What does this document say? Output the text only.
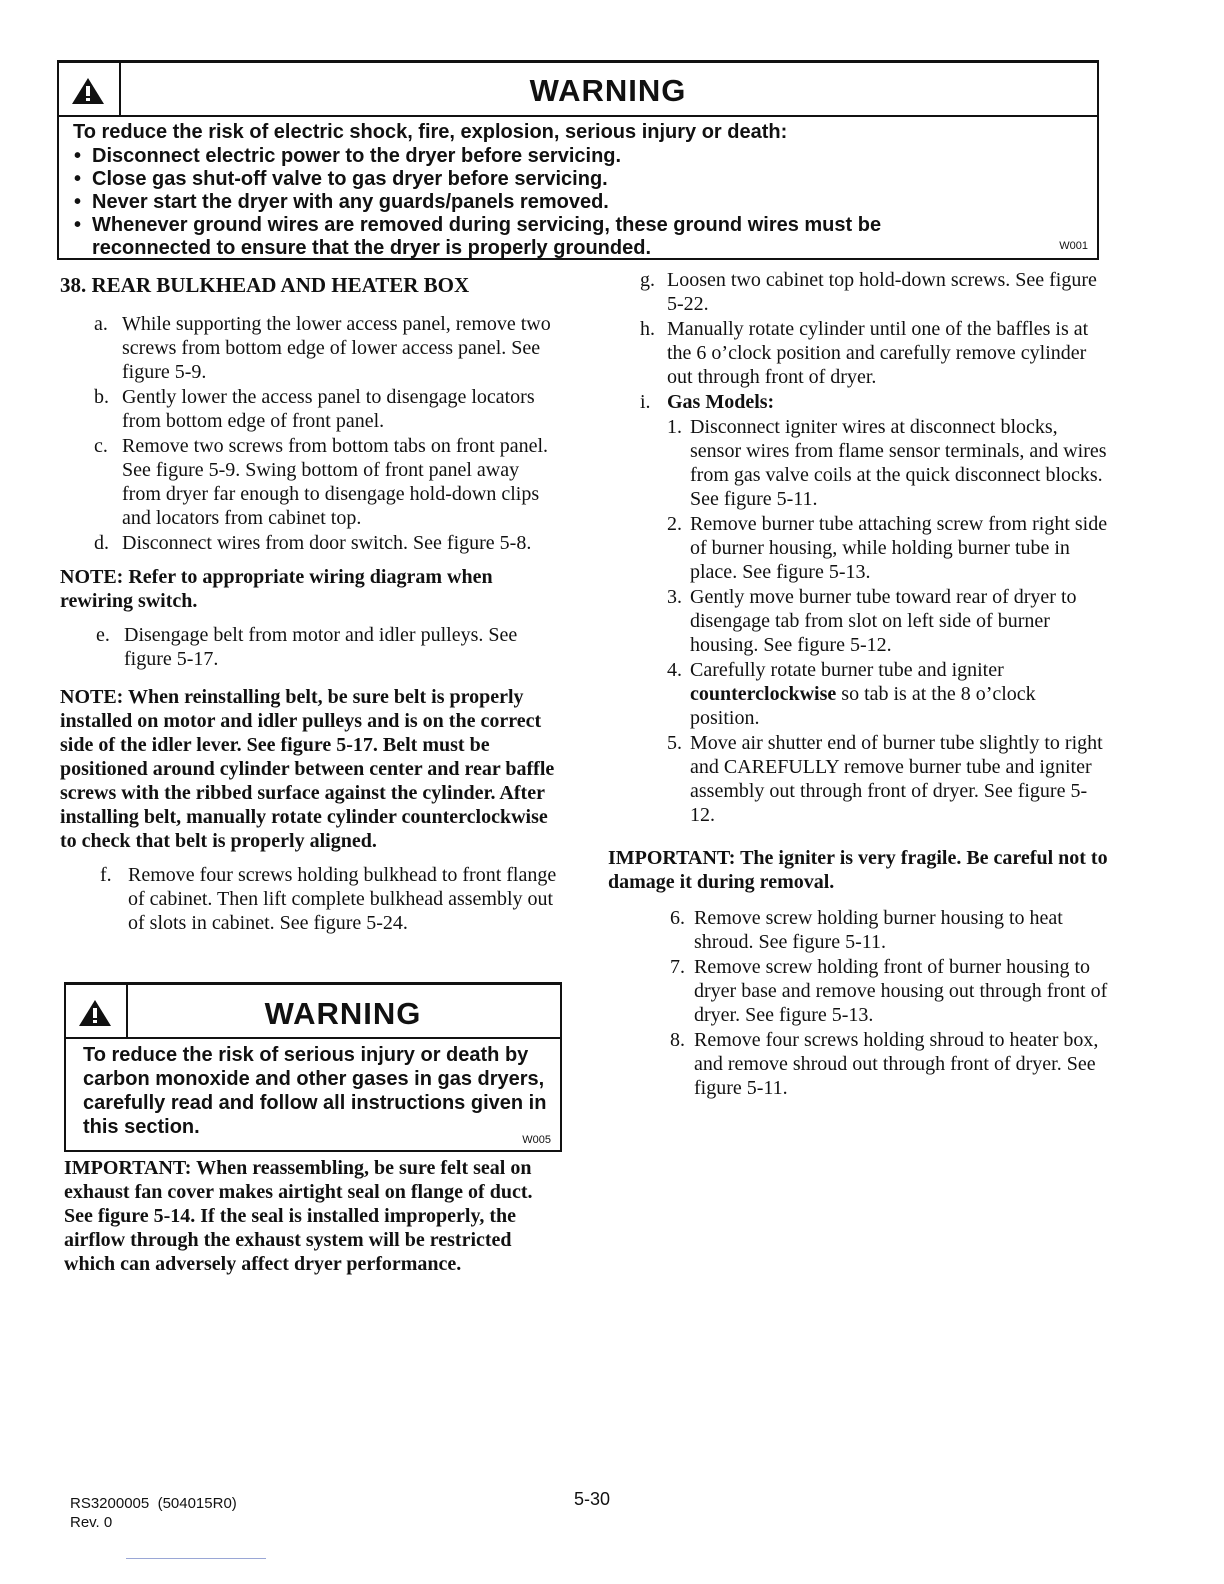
WARNING
To reduce the risk of electric shock, fire, explosion, serious injury or death:
• Disconnect electric power to the dryer before servicing.
• Close gas shut-off valve to gas dryer before servicing.
• Never start the dryer with any guards/panels removed.
• Whenever ground wires are removed during servicing, these ground wires must be reconnected to ensure that the dryer is properly grounded.	W001
38. REAR BULKHEAD AND HEATER BOX
a. While supporting the lower access panel, remove two screws from bottom edge of lower access panel. See figure 5-9.
b. Gently lower the access panel to disengage locators from bottom edge of front panel.
c. Remove two screws from bottom tabs on front panel. See figure 5-9. Swing bottom of front panel away from dryer far enough to disengage hold-down clips and locators from cabinet top.
d. Disconnect wires from door switch. See figure 5-8.
NOTE: Refer to appropriate wiring diagram when rewiring switch.
e. Disengage belt from motor and idler pulleys. See figure 5-17.
NOTE: When reinstalling belt, be sure belt is properly installed on motor and idler pulleys and is on the correct side of the idler lever. See figure 5-17. Belt must be positioned around cylinder between center and rear baffle screws with the ribbed surface against the cylinder. After installing belt, manually rotate cylinder counterclockwise to check that belt is properly aligned.
f. Remove four screws holding bulkhead to front flange of cabinet. Then lift complete bulkhead assembly out of slots in cabinet. See figure 5-24.
WARNING
To reduce the risk of serious injury or death by carbon monoxide and other gases in gas dryers, carefully read and follow all instructions given in this section.
W005
IMPORTANT: When reassembling, be sure felt seal on exhaust fan cover makes airtight seal on flange of duct. See figure 5-14. If the seal is installed improperly, the airflow through the exhaust system will be restricted which can adversely affect dryer performance.
g. Loosen two cabinet top hold-down screws. See figure 5-22.
h. Manually rotate cylinder until one of the baffles is at the 6 o’clock position and carefully remove cylinder out through front of dryer.
i. Gas Models:
1. Disconnect igniter wires at disconnect blocks, sensor wires from flame sensor terminals, and wires from gas valve coils at the quick disconnect blocks. See figure 5-11.
2. Remove burner tube attaching screw from right side of burner housing, while holding burner tube in place. See figure 5-13.
3. Gently move burner tube toward rear of dryer to disengage tab from slot on left side of burner housing. See figure 5-12.
4. Carefully rotate burner tube and igniter counterclockwise so tab is at the 8 o’clock position.
5. Move air shutter end of burner tube slightly to right and CAREFULLY remove burner tube and igniter assembly out through front of dryer. See figure 5-12.
IMPORTANT: The igniter is very fragile. Be careful not to damage it during removal.
6. Remove screw holding burner housing to heat shroud. See figure 5-11.
7. Remove screw holding front of burner housing to dryer base and remove housing out through front of dryer. See figure 5-13.
8. Remove four screws holding shroud to heater box, and remove shroud out through front of dryer. See figure 5-11.
RS3200005  (504015R0)
Rev. 0
5-30
